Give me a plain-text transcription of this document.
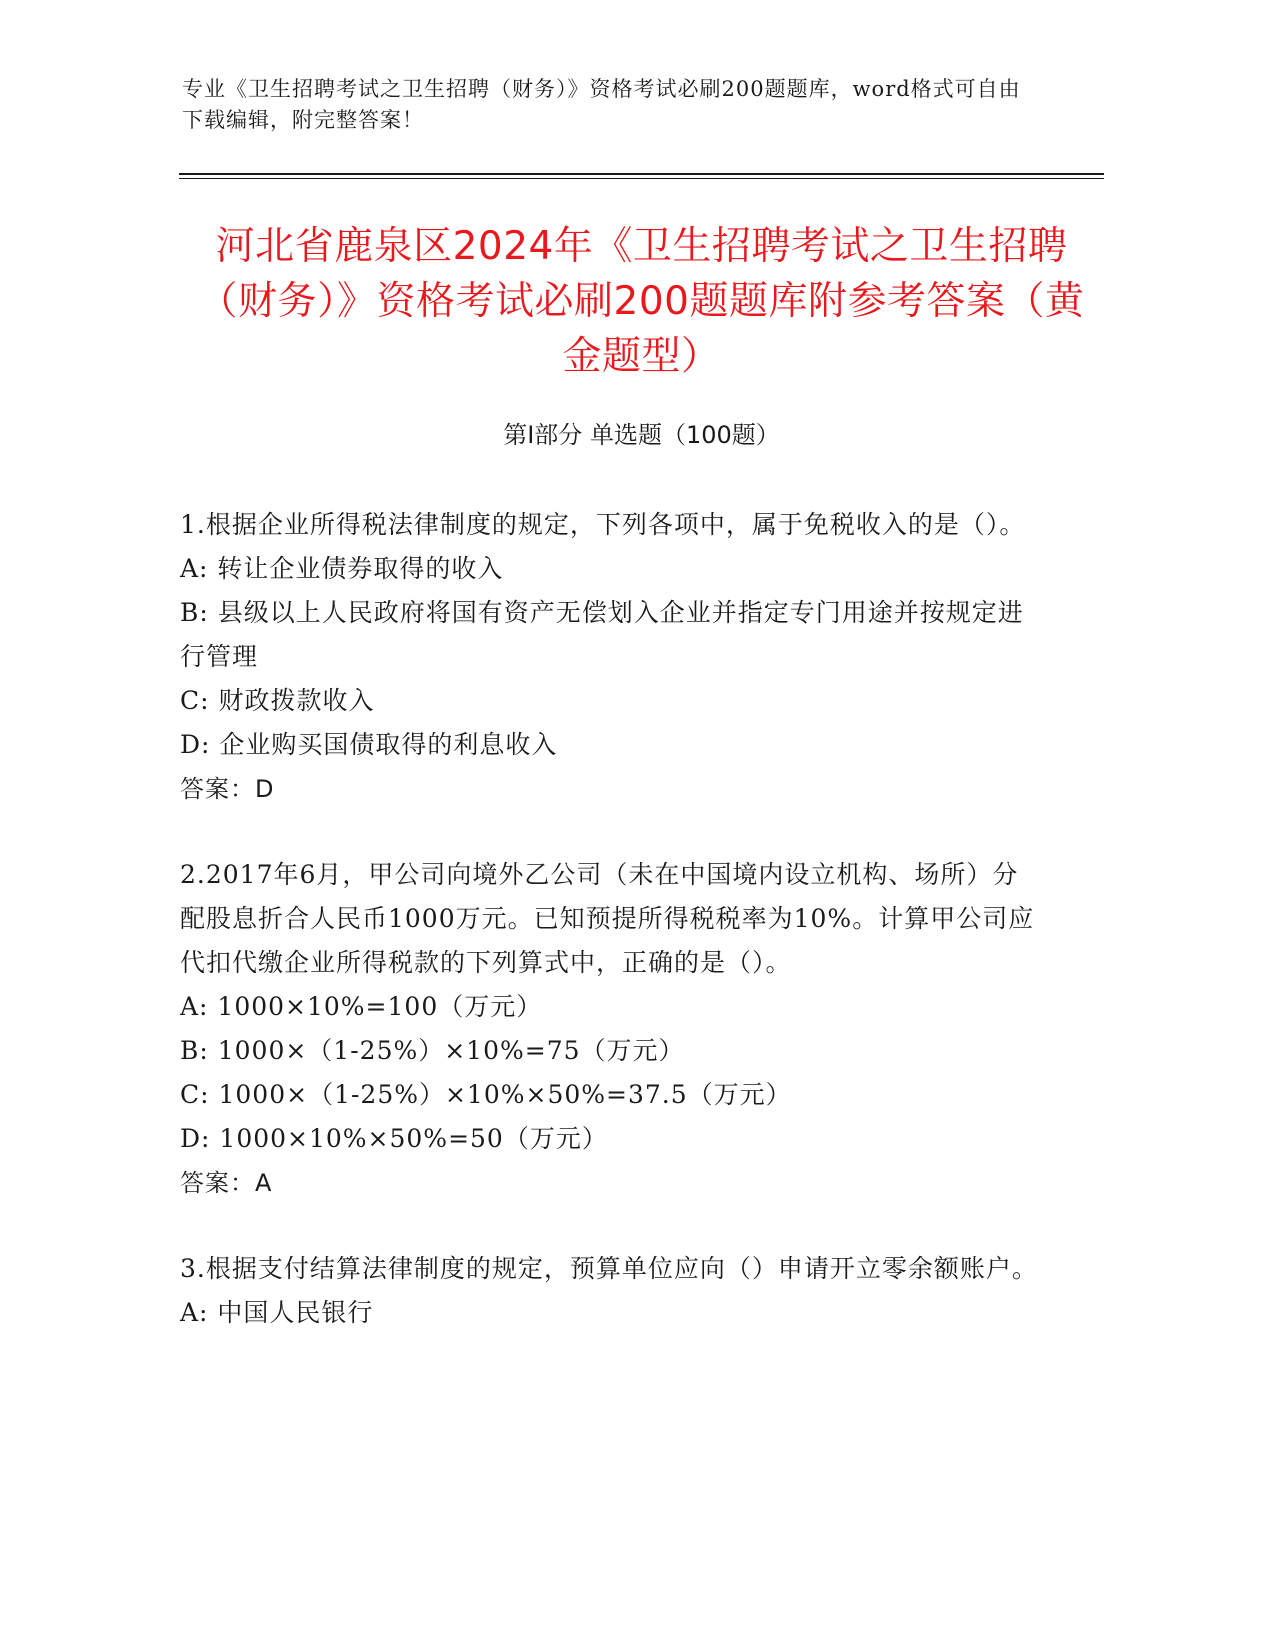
专业《卫生招聘考试之卫生招聘（财务）》资格考试必刷200题题库，word格式可自由下载编辑，附完整答案！
河北省鹿泉区2024年《卫生招聘考试之卫生招聘（财务）》资格考试必刷200题题库附参考答案（黄金题型）
第I部分 单选题（100题）

1.根据企业所得税法律制度的规定，下列各项中，属于免税收入的是（）。

A: 转让企业债券取得的收入

B: 县级以上人民政府将国有资产无偿划入企业并指定专门用途并按规定进行管理

C: 财政拨款收入

D: 企业购买国债取得的利息收入

答案：D

2.2017年6月，甲公司向境外乙公司（未在中国境内设立机构、场所）分配股息折合人民币1000万元。已知预提所得税税率为10%。计算甲公司应代扣代缴企业所得税款的下列算式中，正确的是（）。

A: 1000×10%=100（万元）

B: 1000×（1-25%）×10%=75（万元）

C: 1000×（1-25%）×10%×50%=37.5（万元）

D: 1000×10%×50%=50（万元）

答案：A

3.根据支付结算法律制度的规定，预算单位应向（）申请开立零余额账户。

A: 中国人民银行
